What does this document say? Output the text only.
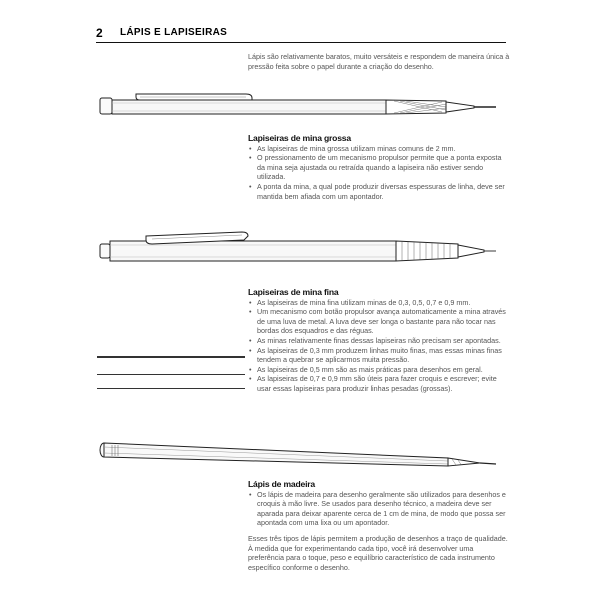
2 LÁPIS E LAPISEIRAS

Lápis são relativamente baratos, muito versáteis e respondem de maneira única à pressão feita sobre o papel durante a criação do desenho.

Lapiseiras de mina grossa

• As lapiseiras de mina grossa utilizam minas comuns de 2 mm.
• O pressionamento de um mecanismo propulsor permite que a ponta exposta da mina seja ajustada ou retraída quando a lapiseira não estiver sendo utilizada.
• A ponta da mina, a qual pode produzir diversas espessuras de linha, deve ser mantida bem afiada com um apontador.

Lapiseiras de mina fina

• As lapiseiras de mina fina utilizam minas de 0,3, 0,5, 0,7 e 0,9 mm.
• Um mecanismo com botão propulsor avança automaticamente a mina através de uma luva de metal. A luva deve ser longa o bastante para não tocar nas bordas dos esquadros e das réguas.
• As minas relativamente finas dessas lapiseiras não precisam ser apontadas.
• As lapiseiras de 0,3 mm produzem linhas muito finas, mas essas minas finas tendem a quebrar se aplicarmos muita pressão.
• As lapiseiras de 0,5 mm são as mais práticas para desenhos em geral.
• As lapiseiras de 0,7 e 0,9 mm são úteis para fazer croquis e escrever; evite usar essas lapiseiras para produzir linhas pesadas (grossas).

Lápis de madeira

• Os lápis de madeira para desenho geralmente são utilizados para desenhos e croquis à mão livre. Se usados para desenho técnico, a madeira deve ser aparada para deixar aparente cerca de 1 cm de mina, de modo que possa ser apontada com uma lixa ou um apontador.

Esses três tipos de lápis permitem a produção de desenhos a traço de qualidade. À medida que for experimentando cada tipo, você irá desenvolver uma preferência para o toque, peso e equilíbrio característico de cada instrumento específico conforme o desenho.
